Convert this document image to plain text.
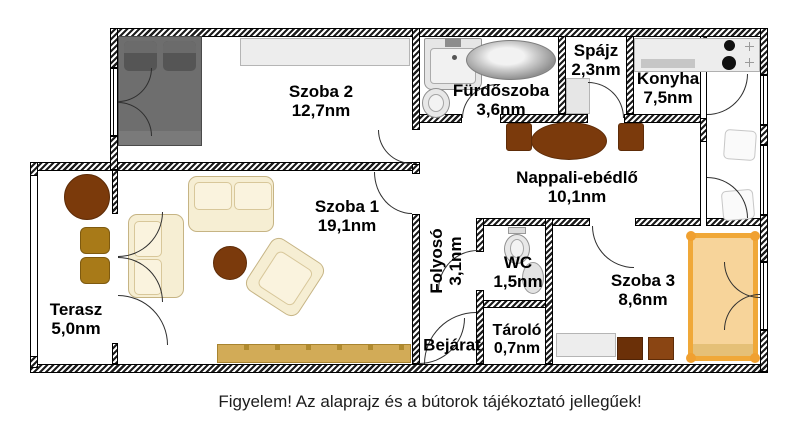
Szoba 2
12,7nm
Fürdőszoba
3,6nm
Spájz
2,3nm Konyha
7,5nm
Nappali-ebédlő
10,1nm
Szoba 1
19,1nm
Folyosó 3,1nm	WC
1,5nm
Tároló
0,7nm
Szoba 3
8,6nm
Terasz
5,0nm
Bejárat
Figyelem! Az alaprajz és a bútorok tájékoztató jellegűek!
